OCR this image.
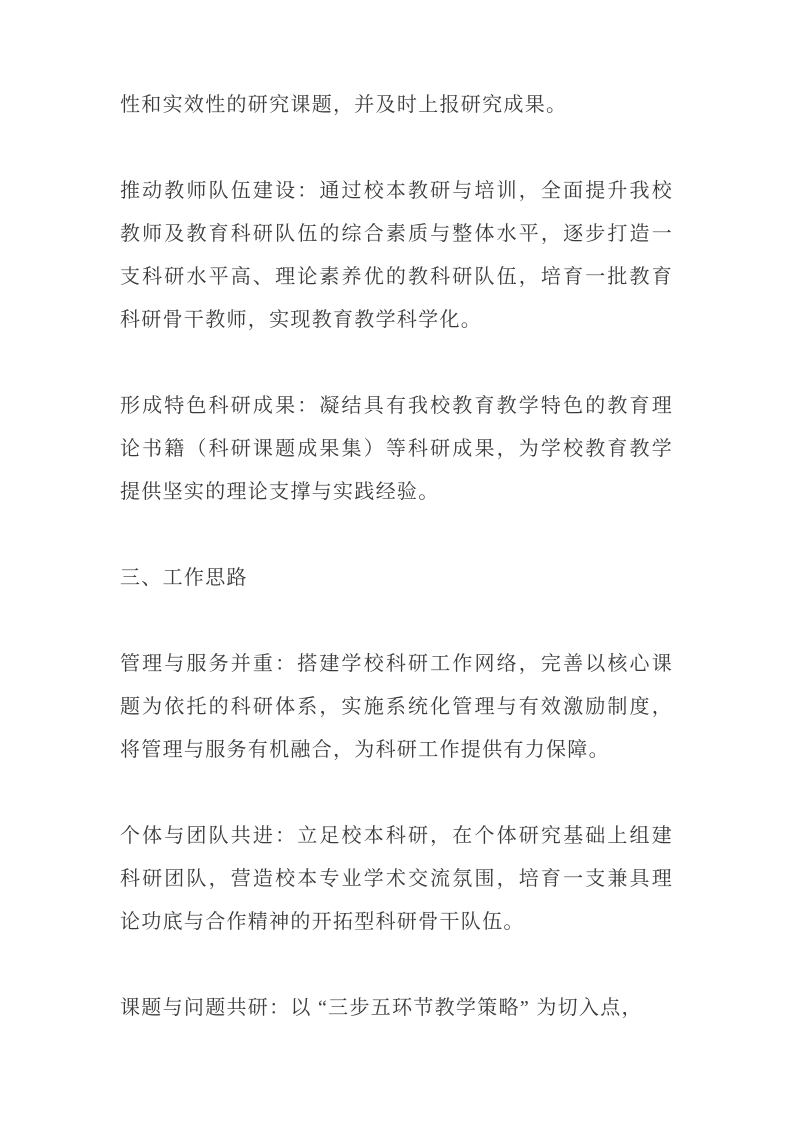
性和实效性的研究课题，并及时上报研究成果。

推动教师队伍建设：通过校本教研与培训，全面提升我校教师及教育科研队伍的综合素质与整体水平，逐步打造一支科研水平高、理论素养优的教科研队伍，培育一批教育科研骨干教师，实现教育教学科学化。

形成特色科研成果：凝结具有我校教育教学特色的教育理论书籍（科研课题成果集）等科研成果，为学校教育教学提供坚实的理论支撑与实践经验。

三、工作思路

管理与服务并重：搭建学校科研工作网络，完善以核心课题为依托的科研体系，实施系统化管理与有效激励制度，将管理与服务有机融合，为科研工作提供有力保障。

个体与团队共进：立足校本科研，在个体研究基础上组建科研团队，营造校本专业学术交流氛围，培育一支兼具理论功底与合作精神的开拓型科研骨干队伍。

课题与问题共研：以 “三步五环节教学策略” 为切入点，
